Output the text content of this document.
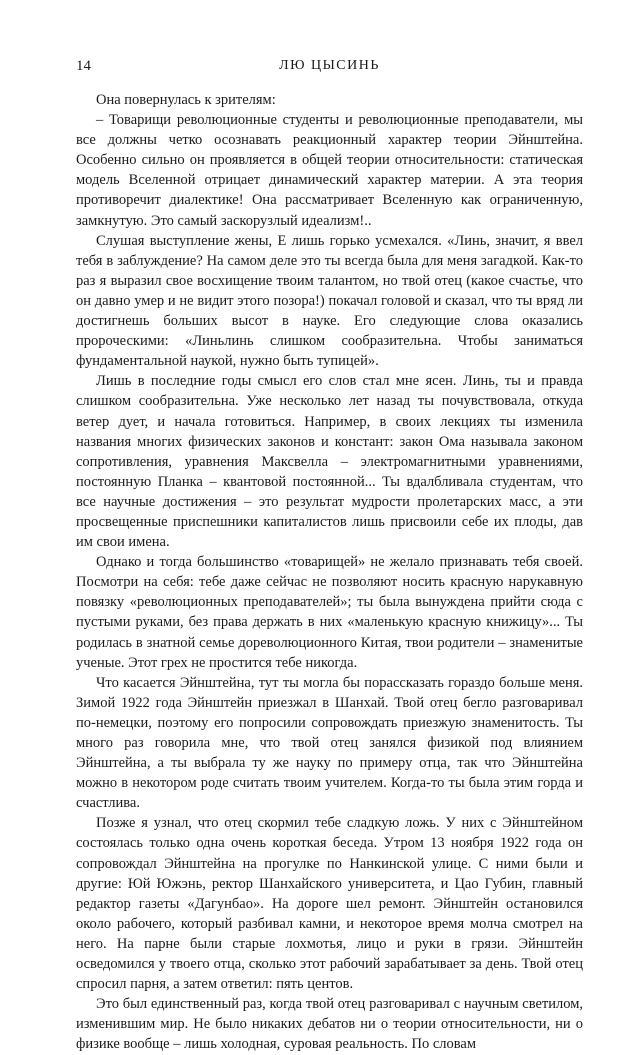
14	ЛЮ ЦЫСИНЬ

Она повернулась к зрителям:

– Товарищи революционные студенты и революционные преподаватели, мы все должны четко осознавать реакционный характер теории Эйнштейна. Особенно сильно он проявляется в общей теории относительности: статическая модель Вселенной отрицает динамический характер материи. А эта теория противоречит диалектике! Она рассматривает Вселенную как ограниченную, замкнутую. Это самый заскорузлый идеализм!..

Слушая выступление жены, Е лишь горько усмехался. «Линь, значит, я ввел тебя в заблуждение? На самом деле это ты всегда была для меня загадкой. Как-то раз я выразил свое восхищение твоим талантом, но твой отец (какое счастье, что он давно умер и не видит этого позора!) покачал головой и сказал, что ты вряд ли достигнешь больших высот в науке. Его следующие слова оказались пророческими: «Линьлинь слишком сообразительна. Чтобы заниматься фундаментальной наукой, нужно быть тупицей».

Лишь в последние годы смысл его слов стал мне ясен. Линь, ты и правда слишком сообразительна. Уже несколько лет назад ты почувствовала, откуда ветер дует, и начала готовиться. Например, в своих лекциях ты изменила названия многих физических законов и констант: закон Ома называла законом сопротивления, уравнения Максвелла – электромагнитными уравнениями, постоянную Планка – квантовой постоянной... Ты вдалбливала студентам, что все научные достижения – это результат мудрости пролетарских масс, а эти просвещенные приспешники капиталистов лишь присвоили себе их плоды, дав им свои имена.

Однако и тогда большинство «товарищей» не желало признавать тебя своей. Посмотри на себя: тебе даже сейчас не позволяют носить красную нарукавную повязку «революционных преподавателей»; ты была вынуждена прийти сюда с пустыми руками, без права держать в них «маленькую красную книжицу»... Ты родилась в знатной семье дореволюционного Китая, твои родители – знаменитые ученые. Этот грех не простится тебе никогда.

Что касается Эйнштейна, тут ты могла бы порассказать гораздо больше меня. Зимой 1922 года Эйнштейн приезжал в Шанхай. Твой отец бегло разговаривал по-немецки, поэтому его попросили сопровождать приезжую знаменитость. Ты много раз говорила мне, что твой отец занялся физикой под влиянием Эйнштейна, а ты выбрала ту же науку по примеру отца, так что Эйнштейна можно в некотором роде считать твоим учителем. Когда-то ты была этим горда и счастлива.

Позже я узнал, что отец скормил тебе сладкую ложь. У них с Эйнштейном состоялась только одна очень короткая беседа. Утром 13 ноября 1922 года он сопровождал Эйнштейна на прогулке по Нанкинской улице. С ними были и другие: Юй Южэнь, ректор Шанхайского университета, и Цао Губин, главный редактор газеты «Дагунбао». На дороге шел ремонт. Эйнштейн остановился около рабочего, который разбивал камни, и некоторое время молча смотрел на него. На парне были старые лохмотья, лицо и руки в грязи. Эйнштейн осведомился у твоего отца, сколько этот рабочий зарабатывает за день. Твой отец спросил парня, а затем ответил: пять центов.

Это был единственный раз, когда твой отец разговаривал с научным светилом, изменившим мир. Не было никаких дебатов ни о теории относительности, ни о физике вообще – лишь холодная, суровая реальность. По словам
